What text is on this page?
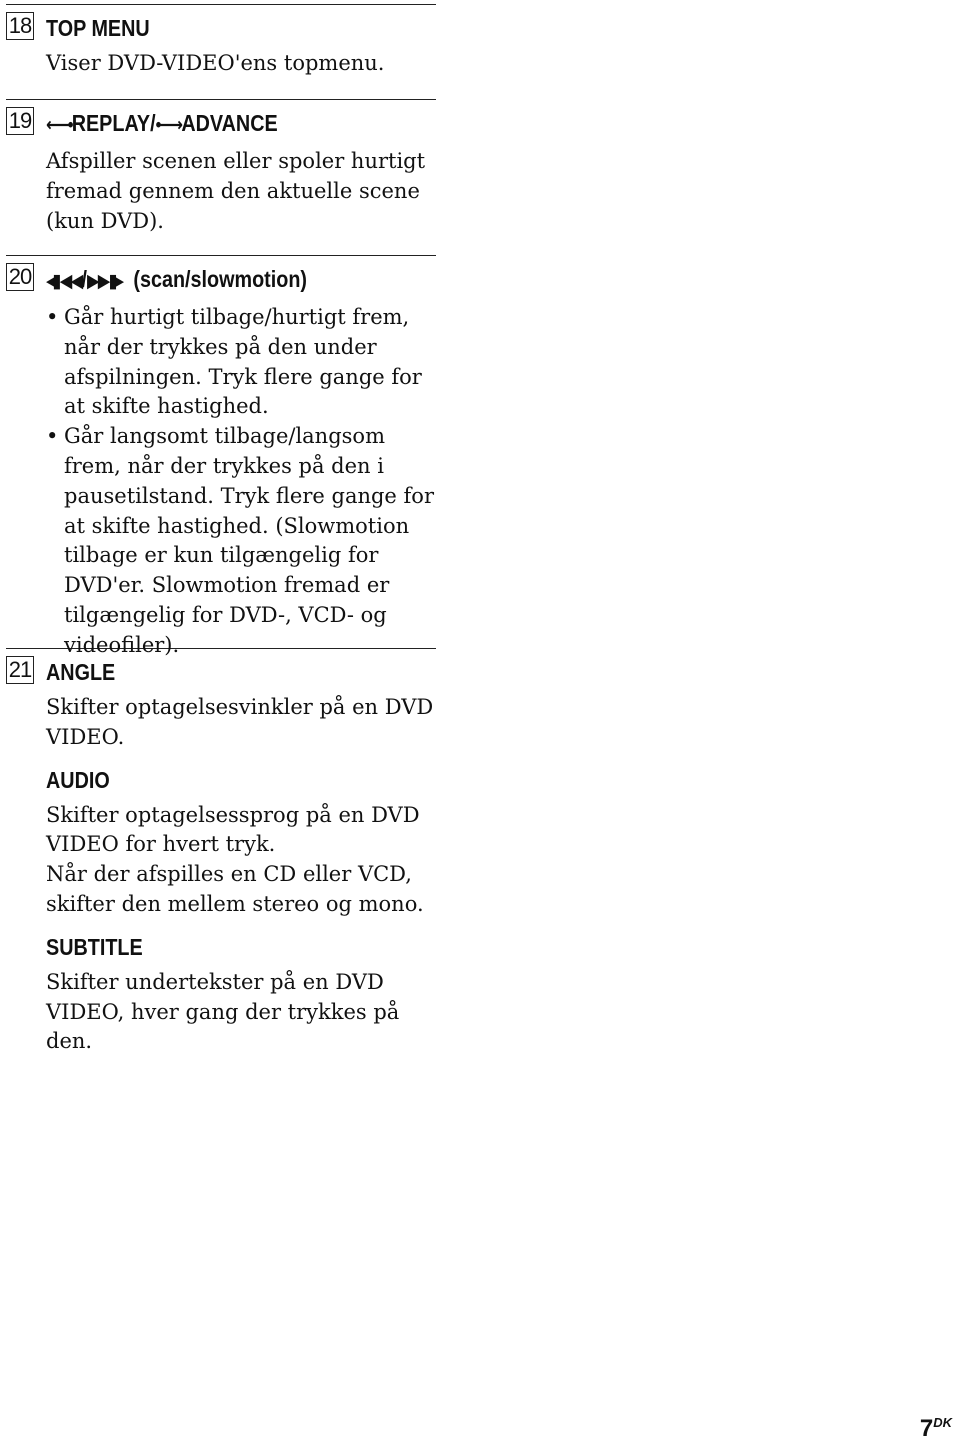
18 TOP MENU

Viser DVD-VIDEO'ens topmenu.

19 ⟵•REPLAY/•⟶ADVANCE

Afspiller scenen eller spoler hurtigt fremad gennem den aktuelle scene (kun DVD).

20 ◂▮◀◀/▶▶▮▸ (scan/slowmotion)
• Går hurtigt tilbage/hurtigt frem, når der trykkes på den under afspilningen. Tryk flere gange for at skifte hastighed.
• Går langsomt tilbage/langsom frem, når der trykkes på den i pausetilstand. Tryk flere gange for at skifte hastighed. (Slowmotion tilbage er kun tilgængelig for DVD'er. Slowmotion fremad er tilgængelig for DVD-, VCD- og videofiler).
21 ANGLE

Skifter optagelsesvinkler på en DVD VIDEO.

AUDIO

Skifter optagelsessprog på en DVD VIDEO for hvert tryk.

Når der afspilles en CD eller VCD, skifter den mellem stereo og mono.

SUBTITLE

Skifter undertekster på en DVD VIDEO, hver gang der trykkes på den.

$7^{DK}$
